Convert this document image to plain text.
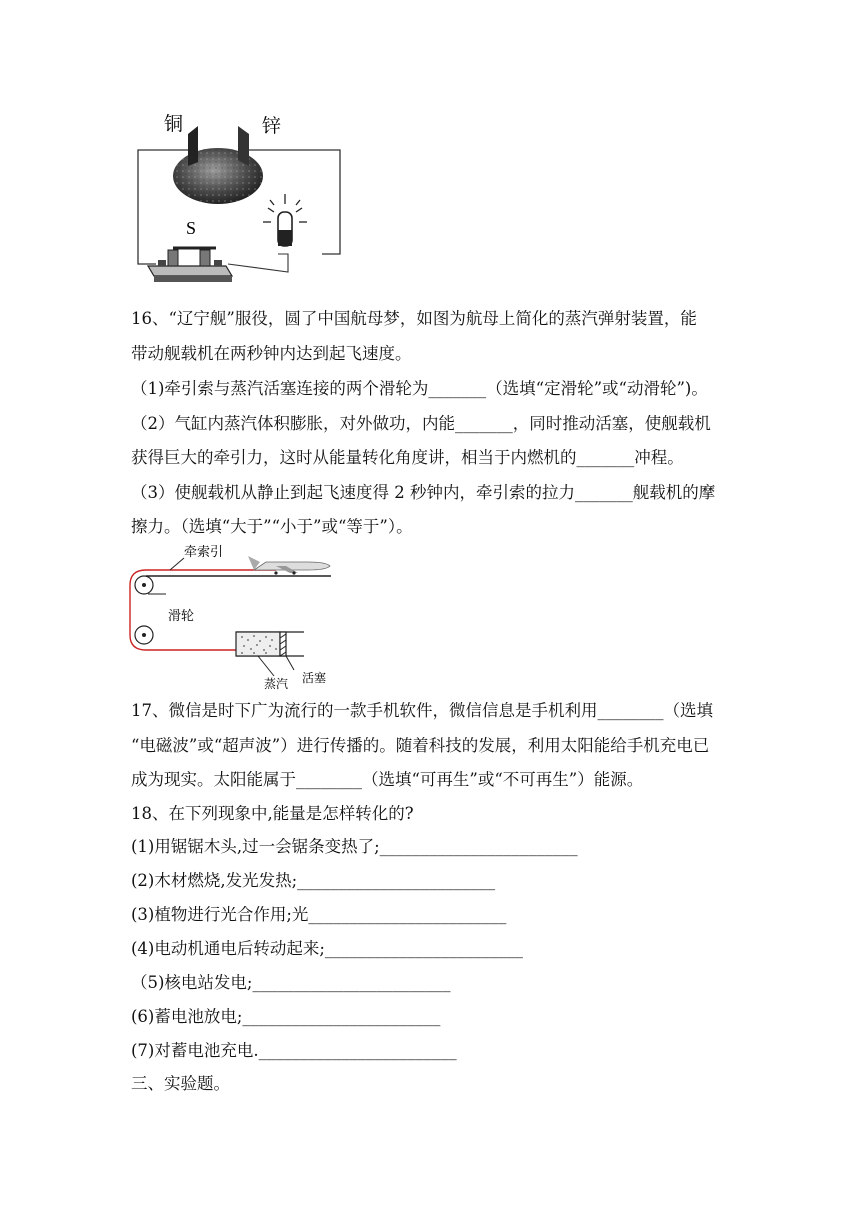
铜	锌
S
16、“辽宁舰”服役，圆了中国航母梦，如图为航母上简化的蒸汽弹射装置，能
带动舰载机在两秒钟内达到起飞速度。
（1)牵引索与蒸汽活塞连接的两个滑轮为_______（选填“定滑轮”或“动滑轮”)。
（2）气缸内蒸汽体积膨胀，对外做功，内能_______，同时推动活塞，使舰载机
获得巨大的牵引力，这时从能量转化角度讲，相当于内燃机的_______冲程。
（3）使舰载机从静止到起飞速度得 2 秒钟内，牵引索的拉力_______舰载机的摩
擦力。（选填“大于”“小于”或“等于”）。
牵索引
滑轮
蒸汽 活塞
17、微信是时下广为流行的一款手机软件，微信信息是手机利用________（选填
“电磁波”或“超声波”）进行传播的。随着科技的发展，利用太阳能给手机充电已
成为现实。太阳能属于________（选填“可再生”或“不可再生”）能源。
18、在下列现象中,能量是怎样转化的?
(1)用锯锯木头,过一会锯条变热了;________________________
(2)木材燃烧,发光发热;________________________
(3)植物进行光合作用;光________________________
(4)电动机通电后转动起来;________________________
（5)核电站发电;________________________
(6)蓄电池放电;________________________
(7)对蓄电池充电.________________________
三、实验题。
